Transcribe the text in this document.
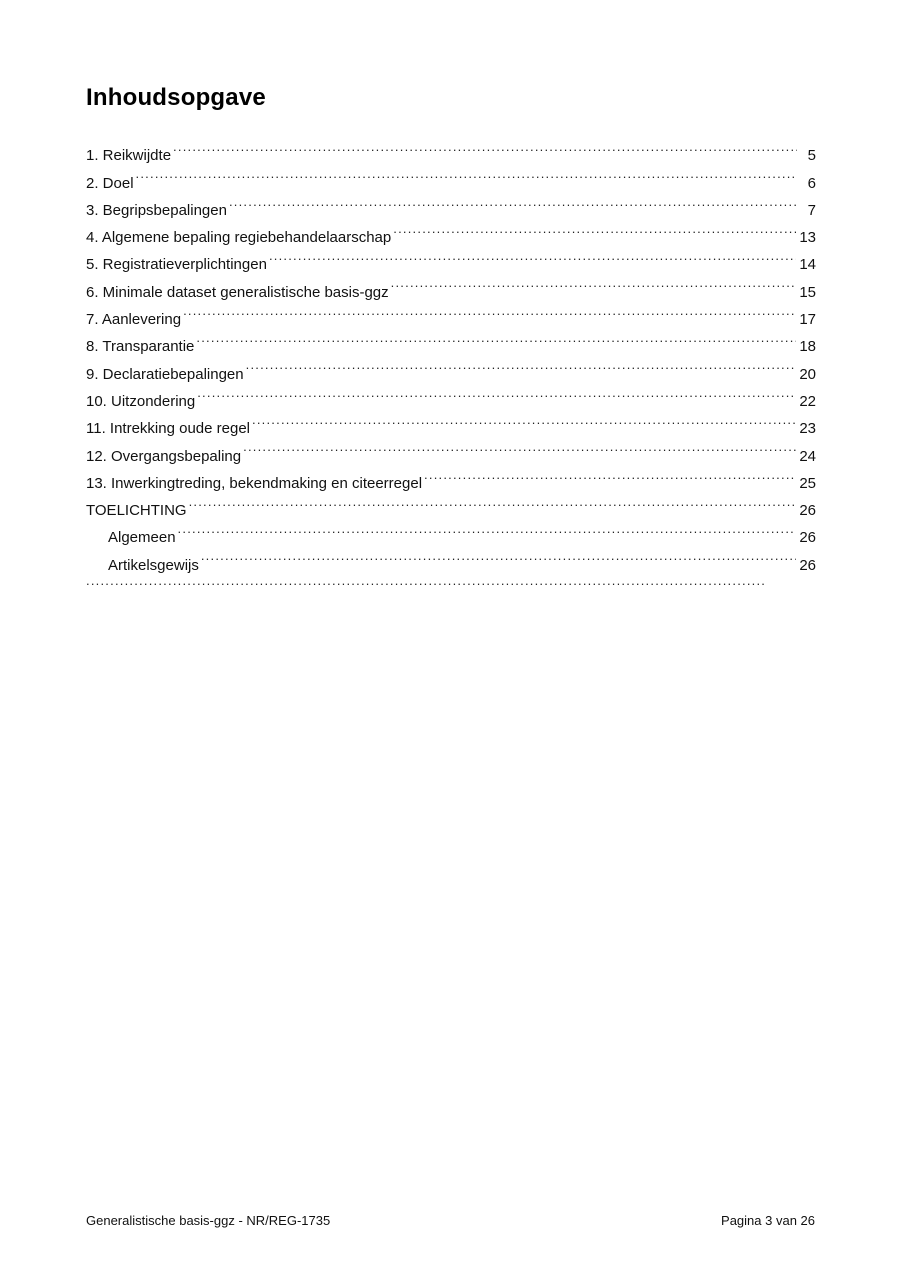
Inhoudsopgave
1. Reikwijdte . . .	5
2. Doel . . .	6
3. Begripsbepalingen . . .	7
4. Algemene bepaling regiebehandelaarschap . . .	13
5. Registratieverplichtingen . . .	14
6. Minimale dataset generalistische basis-ggz . . .	15
7. Aanlevering . . .	17
8. Transparantie . . .	18
9. Declaratiebepalingen . . .	20
10. Uitzondering . . .	22
11. Intrekking oude regel . . .	23
12. Overgangsbepaling . . .	24
13. Inwerkingtreding, bekendmaking en citeerregel . . .	25
TOELICHTING . . .	26
Algemeen . . .	26
Artikelsgewijs . . .	26
. . .
Generalistische basis-ggz - NR/REG-1735	Pagina 3 van 26
